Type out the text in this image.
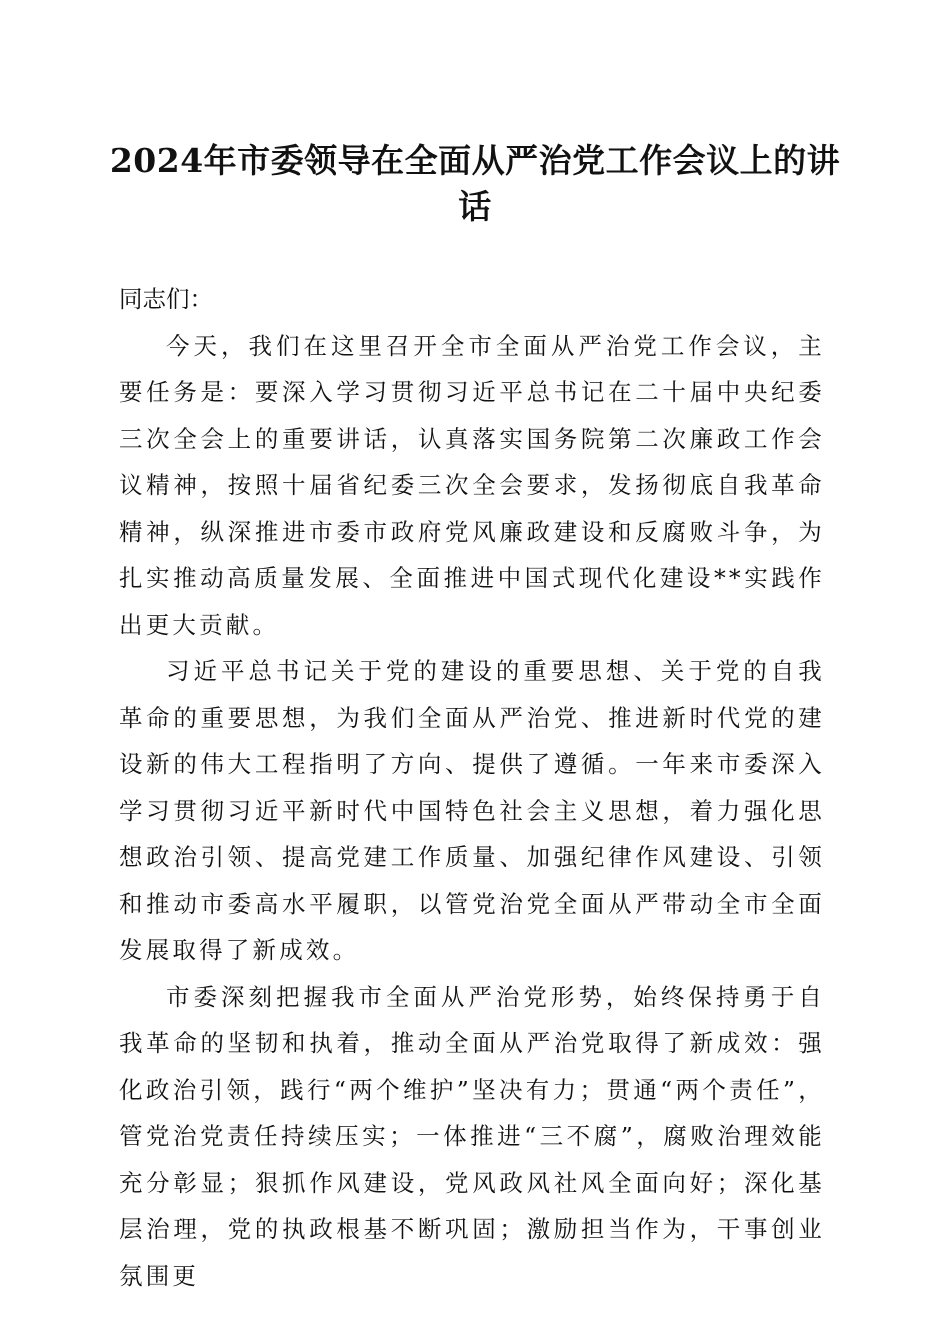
2024年市委领导在全面从严治党工作会议上的讲话

同志们：

今天，我们在这里召开全市全面从严治党工作会议，主要任务是：要深入学习贯彻习近平总书记在二十届中央纪委三次全会上的重要讲话，认真落实国务院第二次廉政工作会议精神，按照十届省纪委三次全会要求，发扬彻底自我革命精神，纵深推进市委市政府党风廉政建设和反腐败斗争，为扎实推动高质量发展、全面推进中国式现代化建设**实践作出更大贡献。

习近平总书记关于党的建设的重要思想、关于党的自我革命的重要思想，为我们全面从严治党、推进新时代党的建设新的伟大工程指明了方向、提供了遵循。一年来市委深入学习贯彻习近平新时代中国特色社会主义思想，着力强化思想政治引领、提高党建工作质量、加强纪律作风建设、引领和推动市委高水平履职，以管党治党全面从严带动全市全面发展取得了新成效。

市委深刻把握我市全面从严治党形势，始终保持勇于自我革命的坚韧和执着，推动全面从严治党取得了新成效：强化政治引领，践行“两个维护”坚决有力；贯通“两个责任”，管党治党责任持续压实；一体推进“三不腐”，腐败治理效能充分彰显；狠抓作风建设，党风政风社风全面向好；深化基层治理，党的执政根基不断巩固；激励担当作为，干事创业氛围更
